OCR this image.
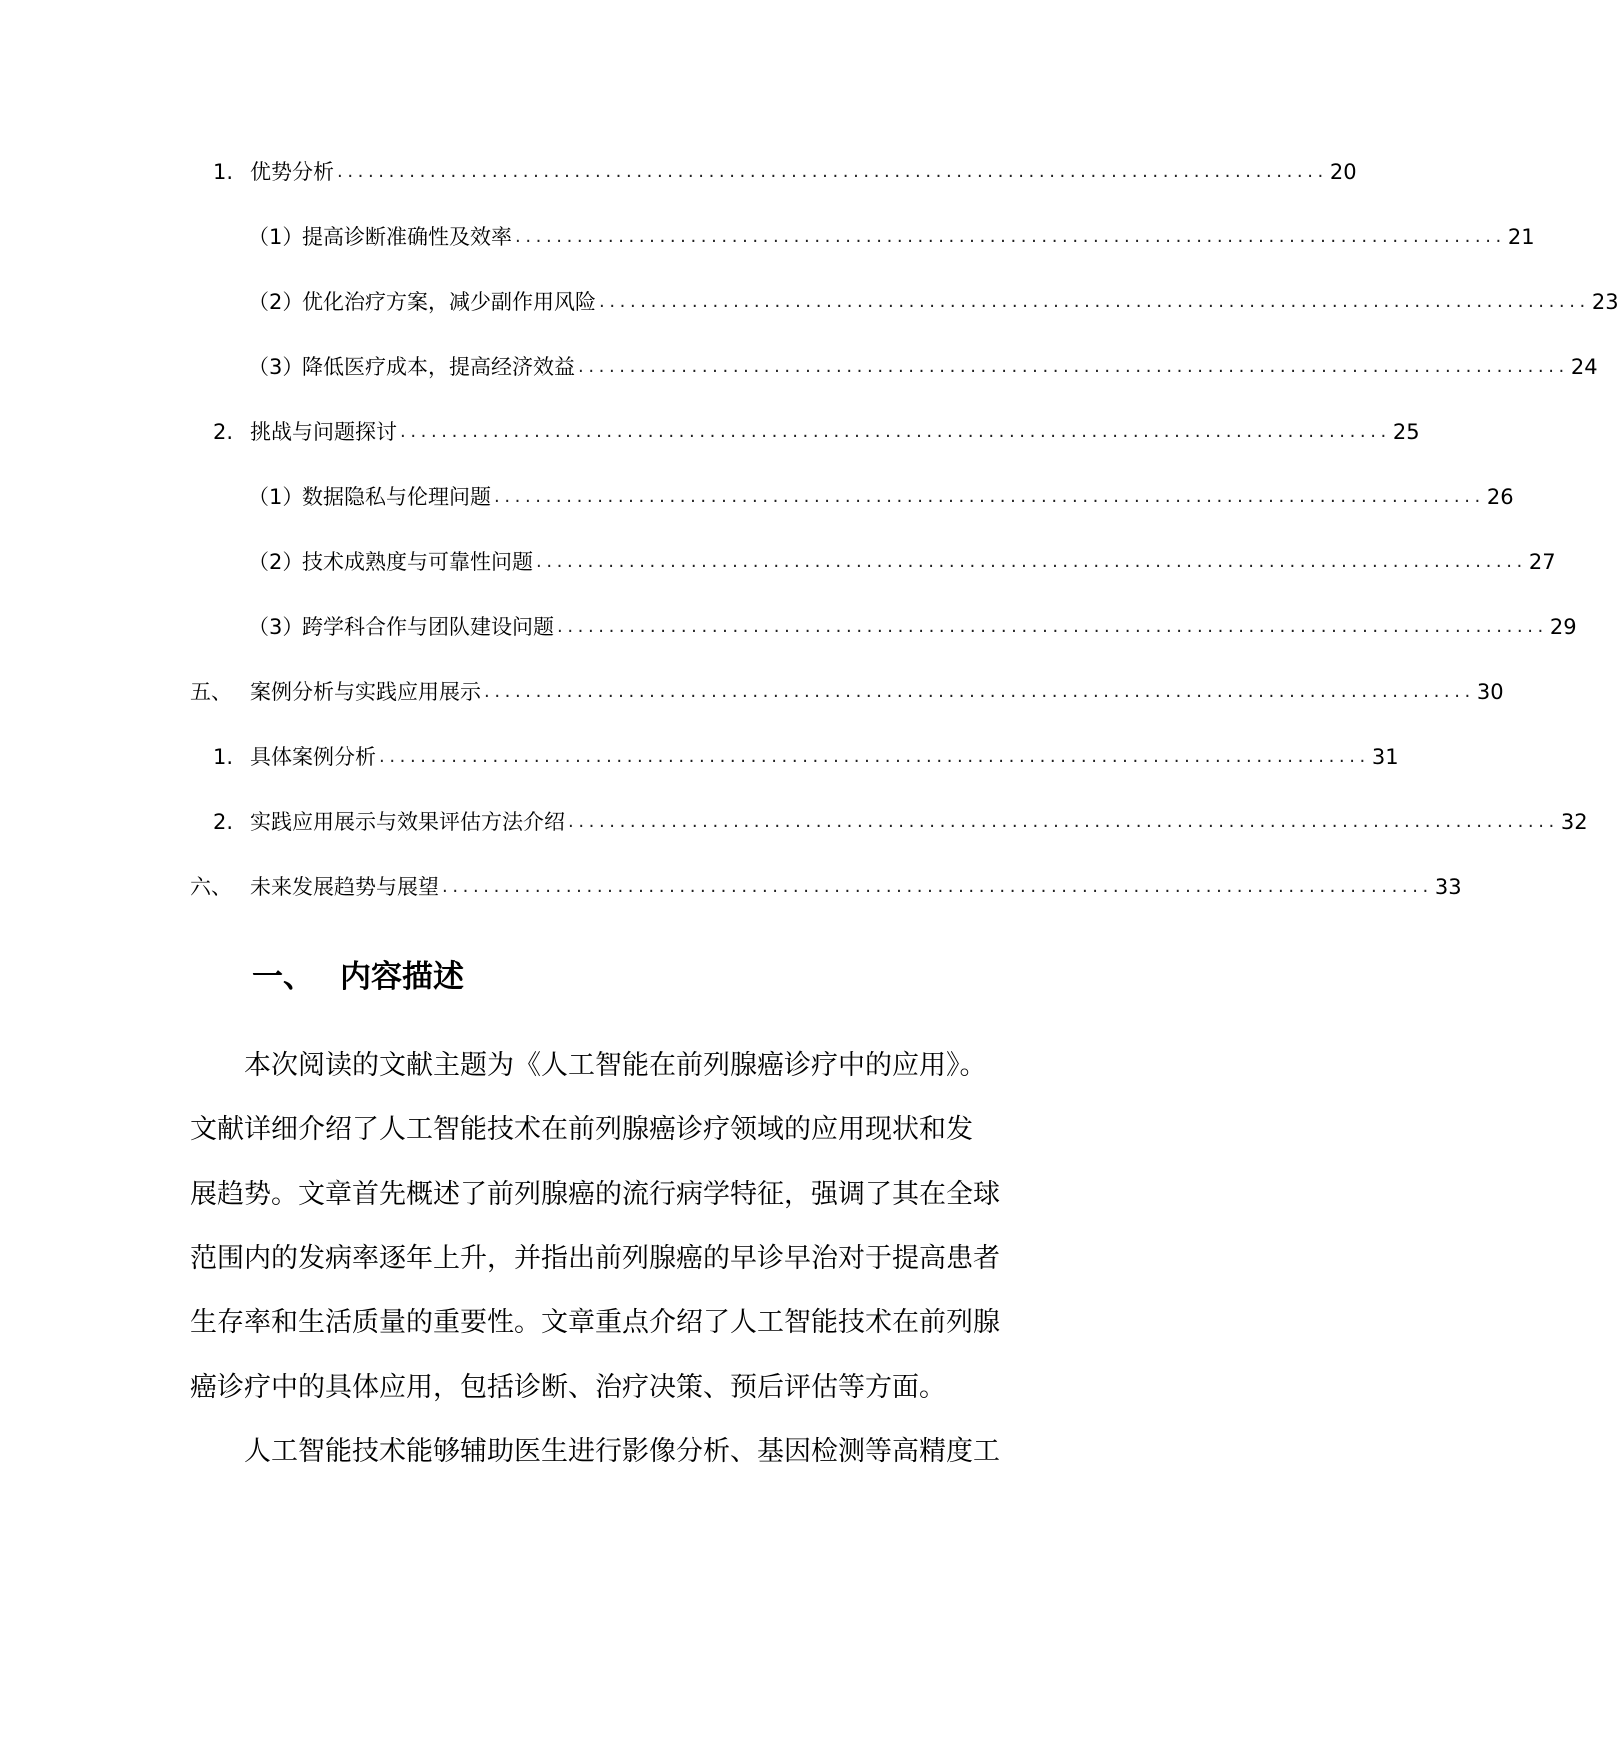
1. 优势分析 ................................................................................................ 20
（1）
提高诊断准确性及效率 ................................................................................................ 21
（2）
优化治疗方案，减少副作用风险 ................................................................................................ 23
（3）
降低医疗成本，提高经济效益 ................................................................................................ 24
2. 挑战与问题探讨 ................................................................................................ 25
（1）
数据隐私与伦理问题 ................................................................................................ 26
（2）
技术成熟度与可靠性问题 ................................................................................................ 27
（3）
跨学科合作与团队建设问题 ................................................................................................ 29
五、 案例分析与实践应用展示 ................................................................................................ 30
1. 具体案例分析 ................................................................................................ 31
2. 实践应用展示与效果评估方法介绍 ................................................................................................ 32
六、 未来发展趋势与展望 ................................................................................................ 33
一、 内容描述
　　本次阅读的文献主题为《人工智能在前列腺癌诊疗中的应用》。
文献详细介绍了人工智能技术在前列腺癌诊疗领域的应用现状和发
展趋势。文章首先概述了前列腺癌的流行病学特征，强调了其在全球
范围内的发病率逐年上升，并指出前列腺癌的早诊早治对于提高患者
生存率和生活质量的重要性。文章重点介绍了人工智能技术在前列腺
癌诊疗中的具体应用，包括诊断、治疗决策、预后评估等方面。
　　人工智能技术能够辅助医生进行影像分析、基因检测等高精度工
